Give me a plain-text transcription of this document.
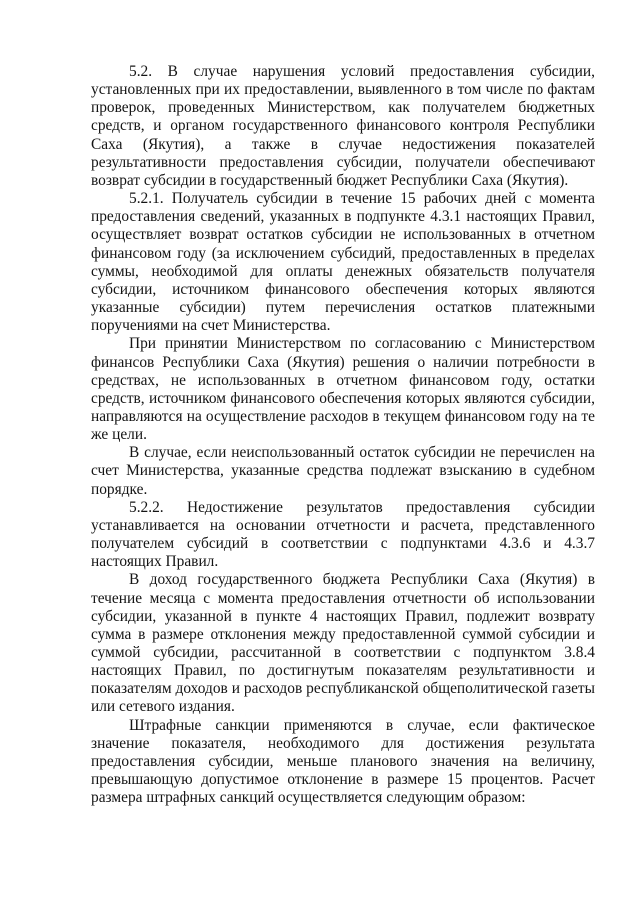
5.2. В случае нарушения условий предоставления субсидии, установленных при их предоставлении, выявленного в том числе по фактам проверок, проведенных Министерством, как получателем бюджетных средств, и органом государственного финансового контроля Республики Саха (Якутия), а также в случае недостижения показателей результативности предоставления субсидии, получатели обеспечивают возврат субсидии в государственный бюджет Республики Саха (Якутия).

5.2.1. Получатель субсидии в течение 15 рабочих дней с момента предоставления сведений, указанных в подпункте 4.3.1 настоящих Правил, осуществляет возврат остатков субсидии не использованных в отчетном финансовом году (за исключением субсидий, предоставленных в пределах суммы, необходимой для оплаты денежных обязательств получателя субсидии, источником финансового обеспечения которых являются указанные субсидии) путем перечисления остатков платежными поручениями на счет Министерства.

При принятии Министерством по согласованию с Министерством финансов Республики Саха (Якутия) решения о наличии потребности в средствах, не использованных в отчетном финансовом году, остатки средств, источником финансового обеспечения которых являются субсидии, направляются на осуществление расходов в текущем финансовом году на те же цели.

В случае, если неиспользованный остаток субсидии не перечислен на счет Министерства, указанные средства подлежат взысканию в судебном порядке.

5.2.2. Недостижение результатов предоставления субсидии устанавливается на основании отчетности и расчета, представленного получателем субсидий в соответствии с подпунктами 4.3.6 и 4.3.7 настоящих Правил.

В доход государственного бюджета Республики Саха (Якутия) в течение месяца с момента предоставления отчетности об использовании субсидии, указанной в пункте 4 настоящих Правил, подлежит возврату сумма в размере отклонения между предоставленной суммой субсидии и суммой субсидии, рассчитанной в соответствии с подпунктом 3.8.4 настоящих Правил, по достигнутым показателям результативности и показателям доходов и расходов республиканской общеполитической газеты или сетевого издания.

Штрафные санкции применяются в случае, если фактическое значение показателя, необходимого для достижения результата предоставления субсидии, меньше планового значения на величину, превышающую допустимое отклонение в размере 15 процентов. Расчет размера штрафных санкций осуществляется следующим образом:
